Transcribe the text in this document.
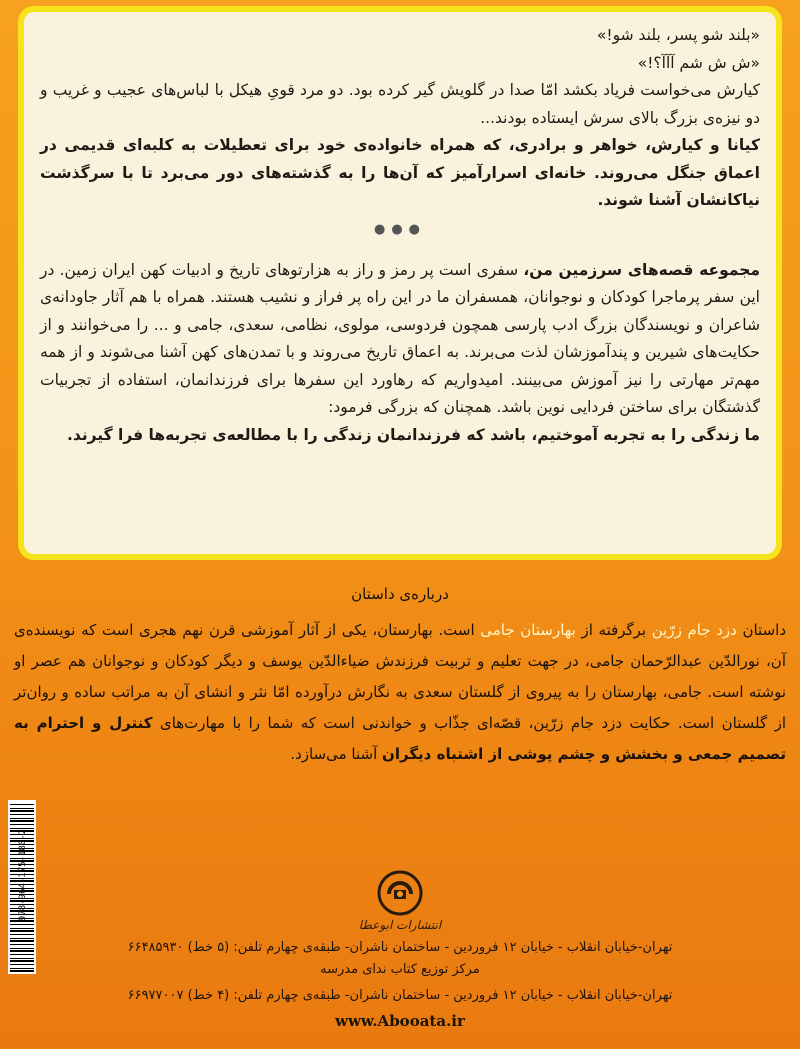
«بلند شو پسر، بلند شو!»

«ش ش شم آآآ؟!»

کیارش می‌خواست فریاد بکشد امّا صدا در گلویش گیر کرده بود. دو مرد قویِ هیکل با لباس‌های عجیب و غریب و دو نیزه‌ی بزرگ بالای سرش ایستاده بودند...

کیانا و کیارش، خواهر و برادری، که همراه خانواده‌ی خود برای تعطیلات به کلبه‌ای قدیمی در اعماق جنگل می‌روند. خانه‌ای اسرارآمیز که آن‌ها را به گذشته‌های دور می‌برد تا با سرگذشت نیاکانشان آشنا شوند.

●●●

مجموعه قصه‌های سرزمین من، سفری است پر رمز و راز به هزارتوهای تاریخ و ادبیات کهن ایران زمین. در این سفر پرماجرا کودکان و نوجوانان، همسفران ما در این راه پر فراز و نشیب هستند. همراه با هم آثار جاودانه‌ی شاعران و نویسندگان بزرگ ادب پارسی همچون فردوسی، مولوی، نظامی، سعدی، جامی و ... را می‌خوانند و از حکایت‌های شیرین و پندآموزشان لذت می‌برند. به اعماق تاریخ می‌روند و با تمدن‌های کهن آشنا می‌شوند و از همه مهم‌تر مهارتی را نیز آموزش می‌بینند. امیدواریم که رهاورد این سفرها برای فرزندانمان، استفاده از تجربیات گذشتگان برای ساختن فردایی نوین باشد. همچنان که بزرگی فرمود:

ما زندگی را به تجربه آموختیم، باشد که فرزندانمان زندگی را با مطالعه‌ی تجربه‌ها فرا گیرند.

درباره‌ی داستان

داستان دزد جام زرّین برگرفته از بهارستان جامی است. بهارستان، یکی از آثار آموزشی قرن نهم هجری است که نویسنده‌ی آن، نورالدّین عبدالرّحمان جامی، در جهت تعلیم و تربیت فرزندش ضیاءالدّین یوسف و دیگر کودکان و نوجوانان هم عصر او نوشته است. جامی، بهارستان را به پیروی از گلستان سعدی به نگارش درآورده امّا نثر و انشای آن به مراتب ساده و روان‌تر از گلستان است. حکایت دزد جام زرّین، قصّه‌ای جذّاب و خواندنی است که شما را با مهارت‌های کنترل و احترام به تصمیم جمعی و بخشش و چشم پوشی از اشتباه دیگران آشنا می‌سازد.

978-964-175-180-2
انتشارات ابوعطا
تهران-خیابان انقلاب - خیابان ۱۲ فروردین - ساختمان ناشران- طبقه‌ی چهارم تلفن: (۵ خط) ۶۶۴۸۵۹۳۰
مرکز توزیع کتاب ندای مدرسه
تهران-خیابان انقلاب - خیابان ۱۲ فروردین - ساختمان ناشران- طبقه‌ی چهارم تلفن: (۴ خط) ۶۶۹۷۷۰۰۷
www.Abooata.ir
